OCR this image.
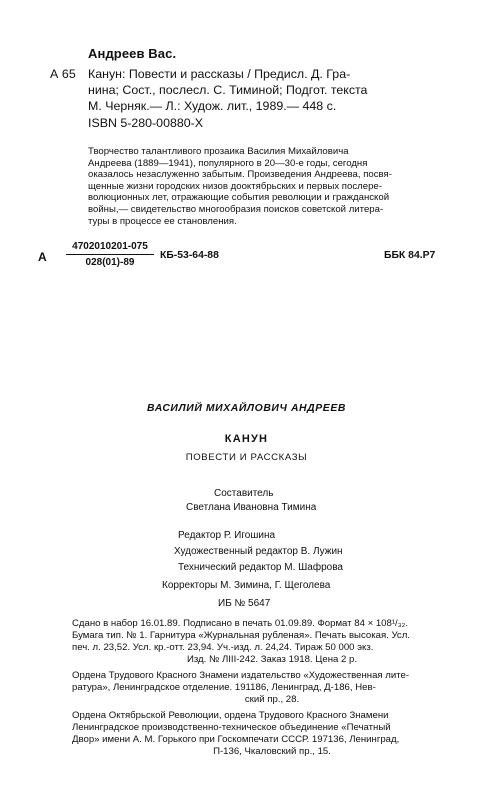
Андреев Вас.
А 65 Канун: Повести и рассказы / Предисл. Д. Гра-
нина; Сост., послесл. С. Тиминой; Подгот. текста
М. Черняк.— Л.: Худож. лит., 1989.— 448 с.
ISBN 5-280-00880-X
Творчество талантливого прозаика Василия Михайловича
Андреева (1889—1941), популярного в 20—30-е годы, сегодня
оказалось незаслуженно забытым. Произведения Андреева, посвя-
щенные жизни городских низов дооктябрьских и первых послере-
волюционных лет, отражающие события революции и гражданской
войны,— свидетельство многообразия поисков советской литера-
туры в процессе ее становления.
А
4702010201-075
028(01)-89
КБ-53-64-88	ББК 84.Р7
ВАСИЛИЙ МИХАЙЛОВИЧ АНДРЕЕВ
КАНУН
ПОВЕСТИ И РАССКАЗЫ
Составитель
Светлана Ивановна Тимина
Редактор Р. Игошина
Художественный редактор В. Лужин
Технический редактор М. Шафрова
Корректоры М. Зимина, Г. Щеголева
ИБ № 5647
Сдано в набор 16.01.89. Подписано в печать 01.09.89. Формат 84 × 108¹/₃₂.
Бумага тип. № 1. Гарнитура «Журнальная рубленая». Печать высокая. Усл.
печ. л. 23,52. Усл. кр.-отт. 23,94. Уч.-изд. л. 24,24. Тираж 50 000 экз.
Изд. № ЛIII-242. Заказ 1918. Цена 2 р.
Ордена Трудового Красного Знамени издательство «Художественная лите-
ратура», Ленинградское отделение. 191186, Ленинград, Д-186, Нев-
ский пр., 28.
Ордена Октябрьской Революции, ордена Трудового Красного Знамени
Ленинградское производственно-техническое объединение «Печатный
Двор» имени А. М. Горького при Госкомпечати СССР. 197136, Ленинград,
П-136, Чкаловский пр., 15.
